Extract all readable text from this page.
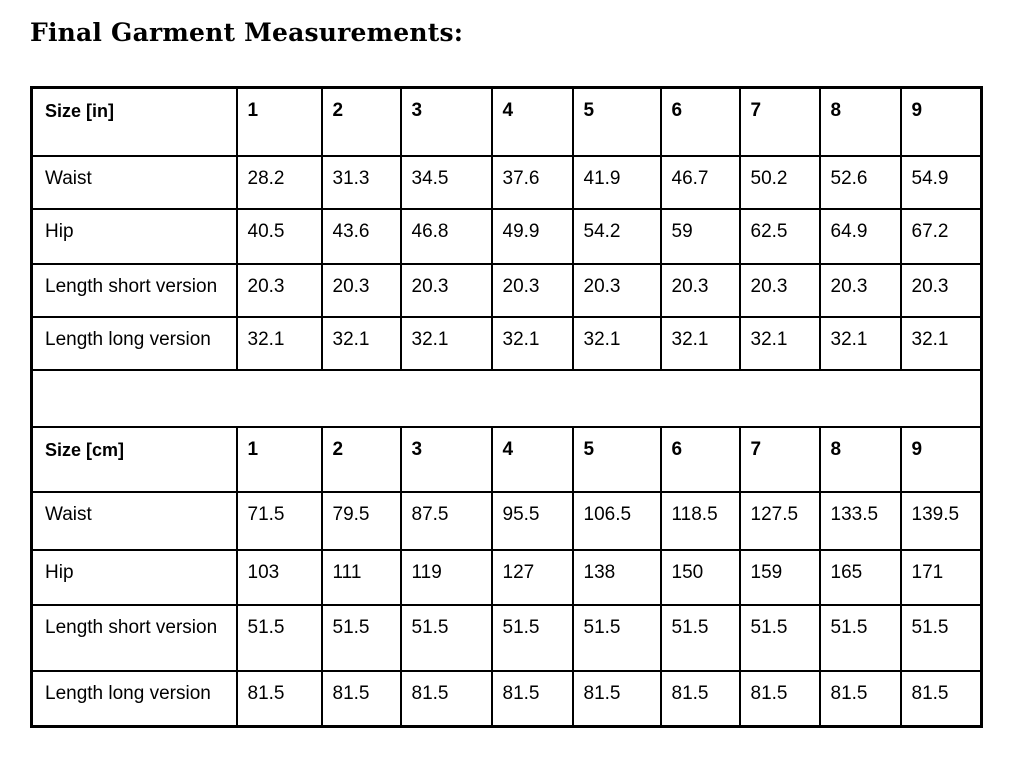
Final Garment Measurements:
Size [in]	1	2	3	4	5	6	7	8	9
Waist	28.2	31.3	34.5	37.6	41.9	46.7	50.2	52.6	54.9
Hip	40.5	43.6	46.8	49.9	54.2	59	62.5	64.9	67.2
Length short version	20.3	20.3	20.3	20.3	20.3	20.3	20.3	20.3	20.3
Length long version	32.1	32.1	32.1	32.1	32.1	32.1	32.1	32.1	32.1

Size [cm]	1	2	3	4	5	6	7	8	9
Waist	71.5	79.5	87.5	95.5	106.5	118.5	127.5	133.5	139.5
Hip	103	111	119	127	138	150	159	165	171
Length short version	51.5	51.5	51.5	51.5	51.5	51.5	51.5	51.5	51.5
Length long version	81.5	81.5	81.5	81.5	81.5	81.5	81.5	81.5	81.5
